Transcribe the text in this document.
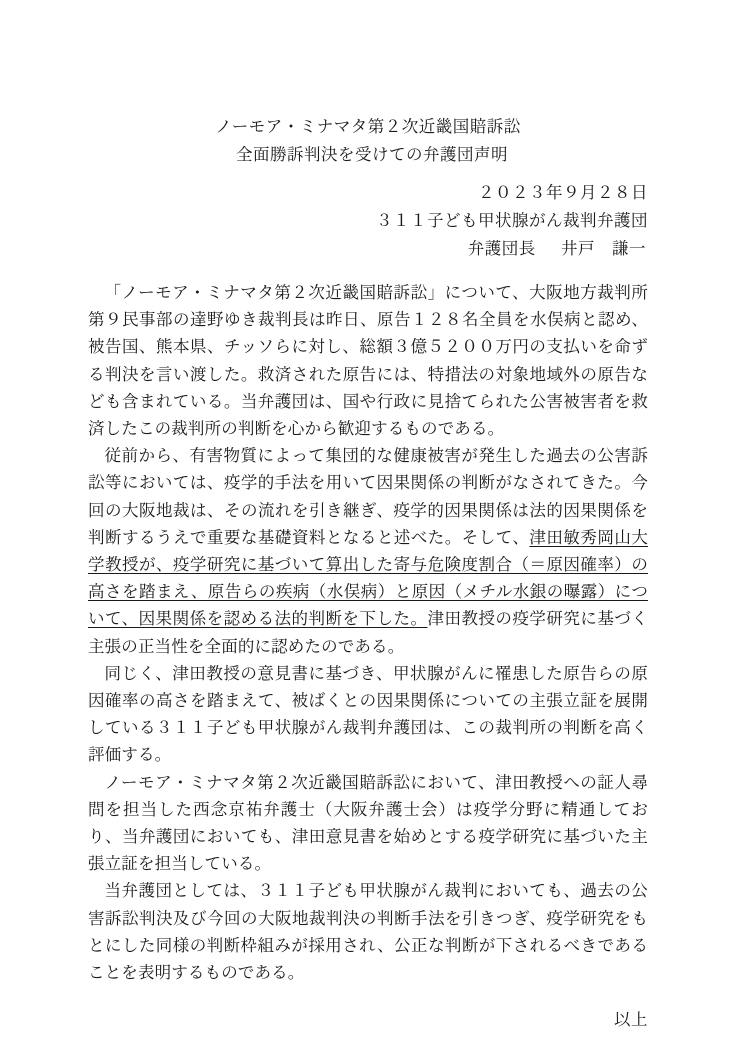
ノーモア・ミナマタ第２次近畿国賠訴訟
全面勝訴判決を受けての弁護団声明
２０２３年９月２８日
３１１子ども甲状腺がん裁判弁護団
弁護団長 井戸　謙一

「ノーモア・ミナマタ第２次近畿国賠訴訟」について、大阪地方裁判所第９民事部の達野ゆき裁判長は昨日、原告１２８名全員を水俣病と認め、被告国、熊本県、チッソらに対し、総額３億５２００万円の支払いを命ずる判決を言い渡した。救済された原告には、特措法の対象地域外の原告なども含まれている。当弁護団は、国や行政に見捨てられた公害被害者を救済したこの裁判所の判断を心から歓迎するものである。

従前から、有害物質によって集団的な健康被害が発生した過去の公害訴訟等においては、疫学的手法を用いて因果関係の判断がなされてきた。今回の大阪地裁は、その流れを引き継ぎ、疫学的因果関係は法的因果関係を判断するうえで重要な基礎資料となると述べた。そして、津田敏秀岡山大学教授が、疫学研究に基づいて算出した寄与危険度割合（＝原因確率）の高さを踏まえ、原告らの疾病（水俣病）と原因（メチル水銀の曝露）について、因果関係を認める法的判断を下した。津田教授の疫学研究に基づく主張の正当性を全面的に認めたのである。

同じく、津田教授の意見書に基づき、甲状腺がんに罹患した原告らの原因確率の高さを踏まえて、被ばくとの因果関係についての主張立証を展開している３１１子ども甲状腺がん裁判弁護団は、この裁判所の判断を高く評価する。

ノーモア・ミナマタ第２次近畿国賠訴訟において、津田教授への証人尋問を担当した西念京祐弁護士（大阪弁護士会）は疫学分野に精通しており、当弁護団においても、津田意見書を始めとする疫学研究に基づいた主張立証を担当している。

当弁護団としては、３１１子ども甲状腺がん裁判においても、過去の公害訴訟判決及び今回の大阪地裁判決の判断手法を引きつぎ、疫学研究をもとにした同様の判断枠組みが採用され、公正な判断が下されるべきであることを表明するものである。

以上
